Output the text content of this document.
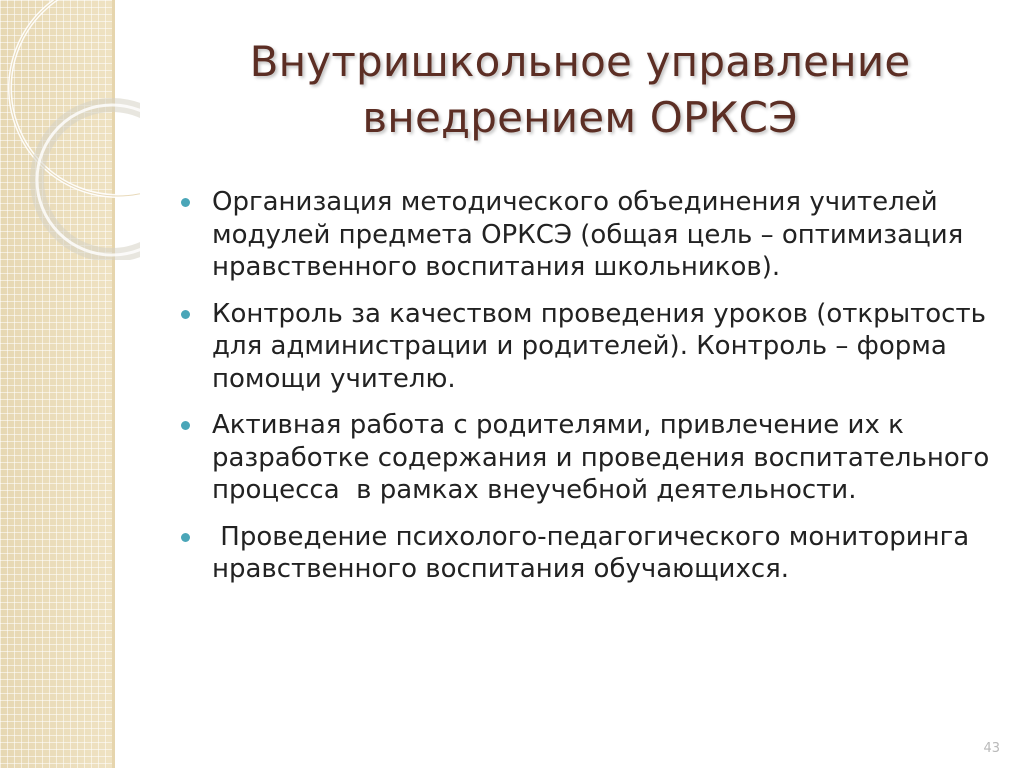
Внутришкольное управление
внедрением ОРКСЭ
Организация методического объединения учителей модулей предмета ОРКСЭ (общая цель – оптимизация нравственного воспитания школьников).
Контроль за качеством проведения уроков (открытость для администрации и родителей). Контроль – форма помощи учителю.
Активная работа с родителями, привлечение их к разработке содержания и проведения воспитательного процесса  в рамках внеучебной деятельности.
Проведение психолого-педагогического мониторинга нравственного воспитания обучающихся.
43
